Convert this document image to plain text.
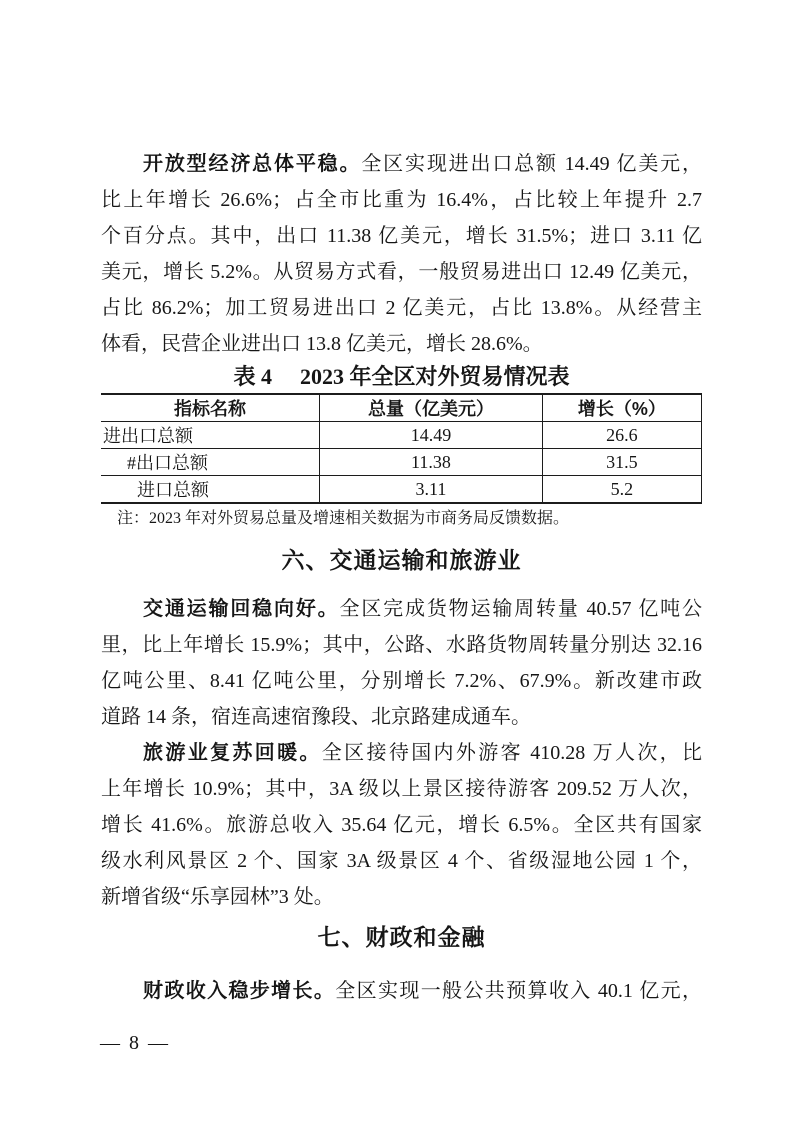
开放型经济总体平稳。全区实现进出口总额 14.49 亿美元，
比上年增长 26.6%；占全市比重为 16.4%，占比较上年提升 2.7
个百分点。其中，出口 11.38 亿美元，增长 31.5%；进口 3.11 亿
美元，增长 5.2%。从贸易方式看，一般贸易进出口 12.49 亿美元，
占比 86.2%；加工贸易进出口 2 亿美元，占比 13.8%。从经营主
体看，民营企业进出口 13.8 亿美元，增长 28.6%。
表 4 2023 年全区对外贸易情况表
指标名称	总量（亿美元）	增长（%）
进出口总额	14.49	26.6
#出口总额	11.38	31.5
进口总额	3.11	5.2
注：2023 年对外贸易总量及增速相关数据为市商务局反馈数据。
六、交通运输和旅游业
交通运输回稳向好。全区完成货物运输周转量 40.57 亿吨公
里，比上年增长 15.9%；其中，公路、水路货物周转量分别达 32.16
亿吨公里、8.41 亿吨公里，分别增长 7.2%、67.9%。新改建市政
道路 14 条，宿连高速宿豫段、北京路建成通车。
旅游业复苏回暖。全区接待国内外游客 410.28 万人次，比
上年增长 10.9%；其中，3A 级以上景区接待游客 209.52 万人次，
增长 41.6%。旅游总收入 35.64 亿元，增长 6.5%。全区共有国家
级水利风景区 2 个、国家 3A 级景区 4 个、省级湿地公园 1 个，
新增省级“乐享园林”3 处。
七、财政和金融
财政收入稳步增长。全区实现一般公共预算收入 40.1 亿元，
— 8 —
